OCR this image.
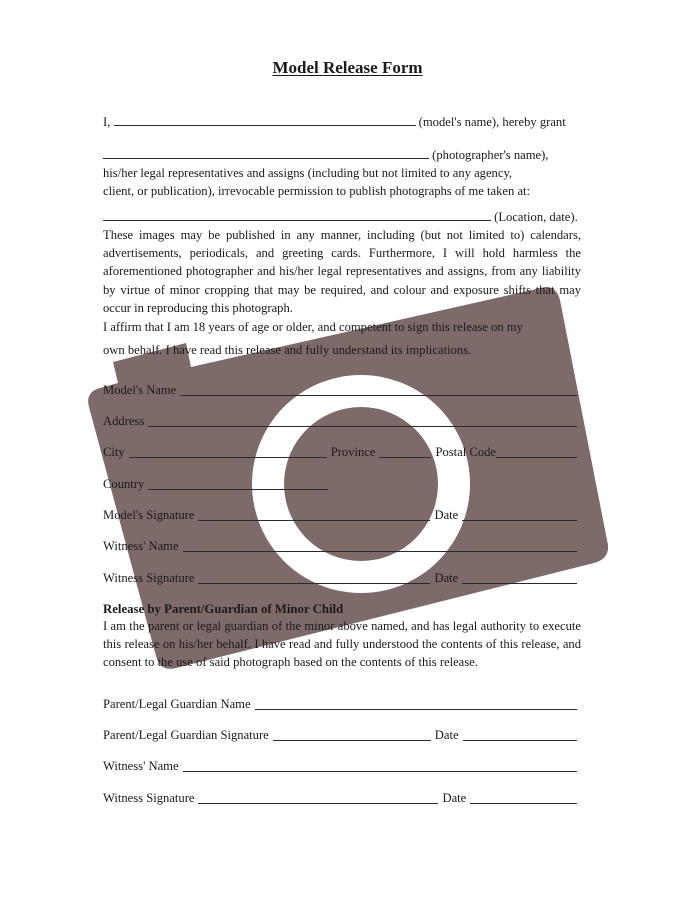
Model Release Form
I,	(model's name), hereby grant
(photographer's name),
his/her legal representatives and assigns (including but not limited to any agency,
client, or publication), irrevocable permission to publish photographs of me taken at:
(Location, date).
These images may be published in any manner, including (but not limited to) calendars, advertisements, periodicals, and greeting cards. Furthermore, I will hold harmless the aforementioned photographer and his/her legal representatives and assigns, from any liability by virtue of minor cropping that may be required, and colour and exposure shifts that may occur in reproducing this photograph.
I affirm that I am 18 years of age or older, and competent to sign this release on my
own behalf. I have read this release and fully understand its implications.
Model's Name
Address
City	Province	Postal Code
Country
Model's Signature	Date
Witness' Name
Witness Signature	Date
Release by Parent/Guardian of Minor Child
I am the parent or legal guardian of the minor above named, and has legal authority to execute this release on his/her behalf. I have read and fully understood the contents of this release, and consent to the use of said photograph based on the contents of this release.
Parent/Legal Guardian Name
Parent/Legal Guardian Signature	Date
Witness' Name
Witness Signature	Date
